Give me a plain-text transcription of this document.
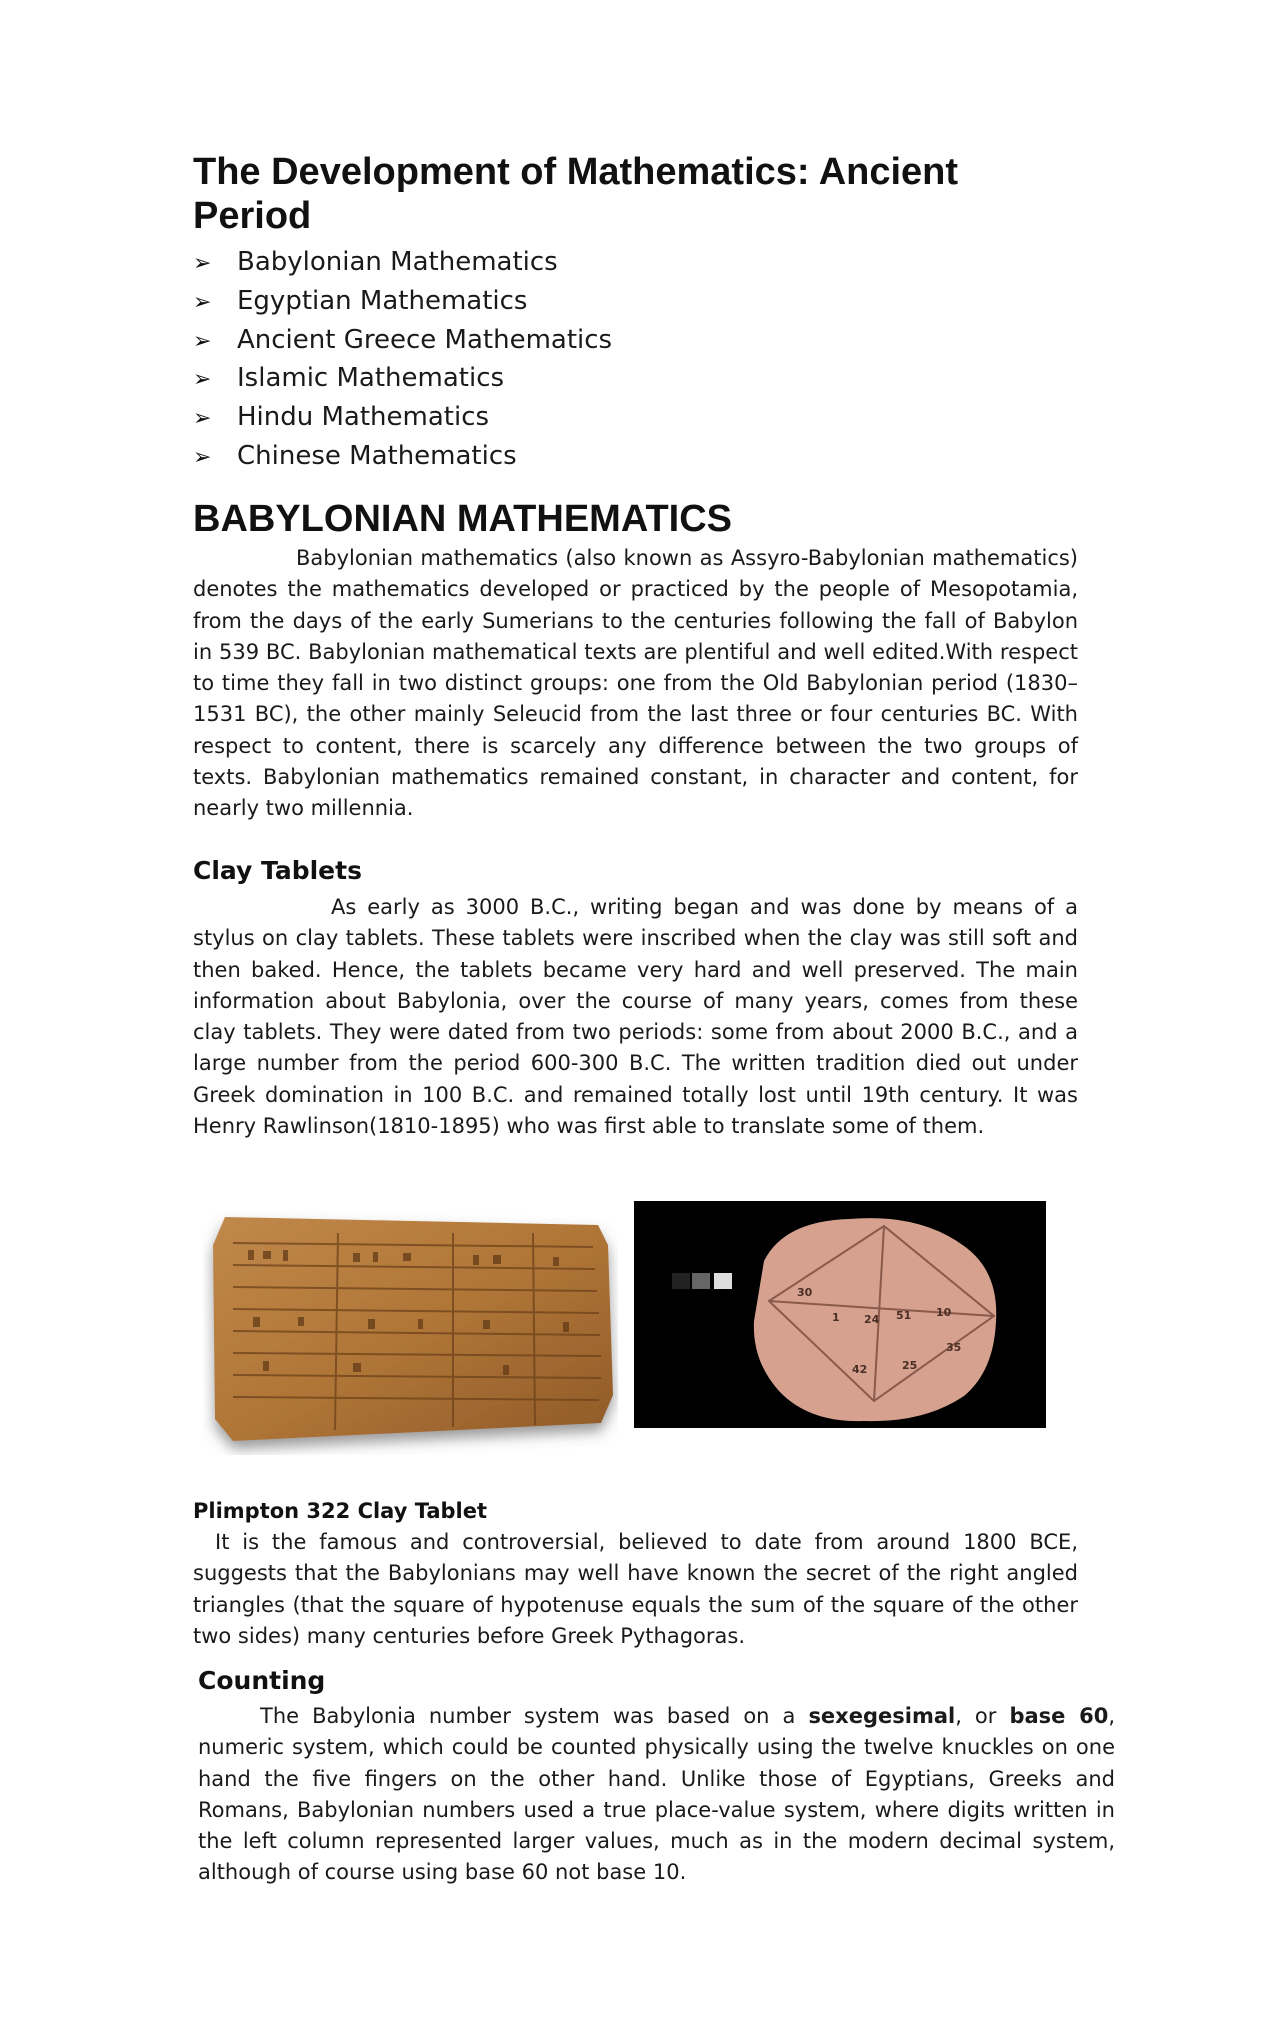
The Development of Mathematics: Ancient Period
➢ Babylonian Mathematics
➢ Egyptian Mathematics
➢ Ancient Greece Mathematics
➢ Islamic Mathematics
➢ Hindu Mathematics
➢ Chinese Mathematics
BABYLONIAN MATHEMATICS

Babylonian mathematics (also known as Assyro-Babylonian mathematics) denotes the mathematics developed or practiced by the people of Mesopotamia, from the days of the early Sumerians to the centuries following the fall of Babylon in 539 BC. Babylonian mathematical texts are plentiful and well edited.With respect to time they fall in two distinct groups: one from the Old Babylonian period (1830–1531 BC), the other mainly Seleucid from the last three or four centuries BC. With respect to content, there is scarcely any difference between the two groups of texts. Babylonian mathematics remained constant, in character and content, for nearly two millennia.

Clay Tablets

As early as 3000 B.C., writing began and was done by means of a stylus on clay tablets. These tablets were inscribed when the clay was still soft and then baked. Hence, the tablets became very hard and well preserved. The main information about Babylonia, over the course of many years, comes from these clay tablets. They were dated from two periods: some from about 2000 B.C., and a large number from the period 600-300 B.C. The written tradition died out under Greek domination in 100 B.C. and remained totally lost until 19th century. It was Henry Rawlinson(1810-1895) who was first able to translate some of them.

30
1 24 51 10
35
42	25
Plimpton 322 Clay Tablet

It is the famous and controversial, believed to date from around 1800 BCE, suggests that the Babylonians may well have known the secret of the right angled triangles (that the square of hypotenuse equals the sum of the square of the other two sides) many centuries before Greek Pythagoras.

Counting

The Babylonia number system was based on a sexegesimal, or base 60, numeric system, which could be counted physically using the twelve knuckles on one hand the five fingers on the other hand. Unlike those of Egyptians, Greeks and Romans, Babylonian numbers used a true place-value system, where digits written in the left column represented larger values, much as in the modern decimal system, although of course using base 60 not base 10.
